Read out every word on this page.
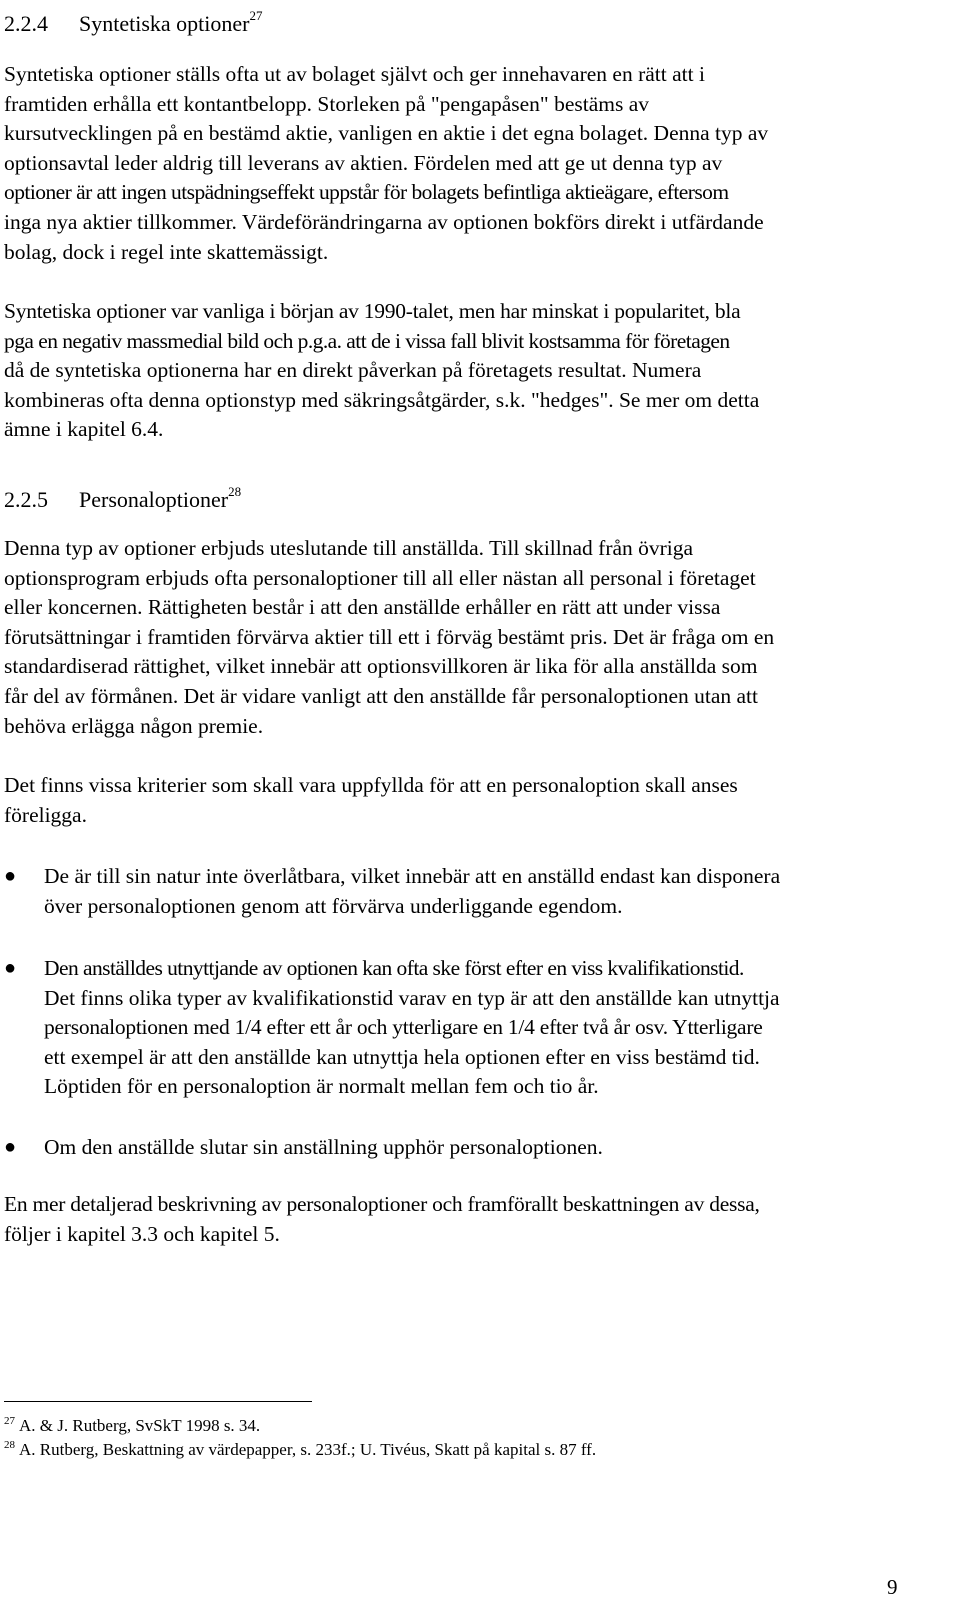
2.2.4 Syntetiska optioner$^{27}$
Syntetiska optioner ställs ofta ut av bolaget självt och ger innehavaren en rätt att i
framtiden erhålla ett kontantbelopp. Storleken på "pengapåsen" bestäms av
kursutvecklingen på en bestämd aktie, vanligen en aktie i det egna bolaget. Denna typ av
optionsavtal leder aldrig till leverans av aktien. Fördelen med att ge ut denna typ av
optioner är att ingen utspädningseffekt uppstår för bolagets befintliga aktieägare, eftersom
inga nya aktier tillkommer. Värdeförändringarna av optionen bokförs direkt i utfärdande
bolag, dock i regel inte skattemässigt.
Syntetiska optioner var vanliga i början av 1990-talet, men har minskat i popularitet, bla
pga en negativ massmedial bild och p.g.a. att de i vissa fall blivit kostsamma för företagen
då de syntetiska optionerna har en direkt påverkan på företagets resultat. Numera
kombineras ofta denna optionstyp med säkringsåtgärder, s.k. "hedges". Se mer om detta
ämne i kapitel 6.4.
2.2.5 Personaloptioner$^{28}$
Denna typ av optioner erbjuds uteslutande till anställda. Till skillnad från övriga
optionsprogram erbjuds ofta personaloptioner till all eller nästan all personal i företaget
eller koncernen. Rättigheten består i att den anställde erhåller en rätt att under vissa
förutsättningar i framtiden förvärva aktier till ett i förväg bestämt pris. Det är fråga om en
standardiserad rättighet, vilket innebär att optionsvillkoren är lika för alla anställda som
får del av förmånen. Det är vidare vanligt att den anställde får personaloptionen utan att
behöva erlägga någon premie.
Det finns vissa kriterier som skall vara uppfyllda för att en personaloption skall anses
föreligga.
●	De är till sin natur inte överlåtbara, vilket innebär att en anställd endast kan disponera
över personaloptionen genom att förvärva underliggande egendom.
●	Den anställdes utnyttjande av optionen kan ofta ske först efter en viss kvalifikationstid.
Det finns olika typer av kvalifikationstid varav en typ är att den anställde kan utnyttja
personaloptionen med 1/4 efter ett år och ytterligare en 1/4 efter två år osv. Ytterligare
ett exempel är att den anställde kan utnyttja hela optionen efter en viss bestämd tid.
Löptiden för en personaloption är normalt mellan fem och tio år.
●	Om den anställde slutar sin anställning upphör personaloptionen.
En mer detaljerad beskrivning av personaloptioner och framförallt beskattningen av dessa,
följer i kapitel 3.3 och kapitel 5.
$^{27}$ A. & J. Rutberg, SvSkT 1998 s. 34.
$^{28}$ A. Rutberg, Beskattning av värdepapper, s. 233f.; U. Tivéus, Skatt på kapital s. 87 ff.
9
